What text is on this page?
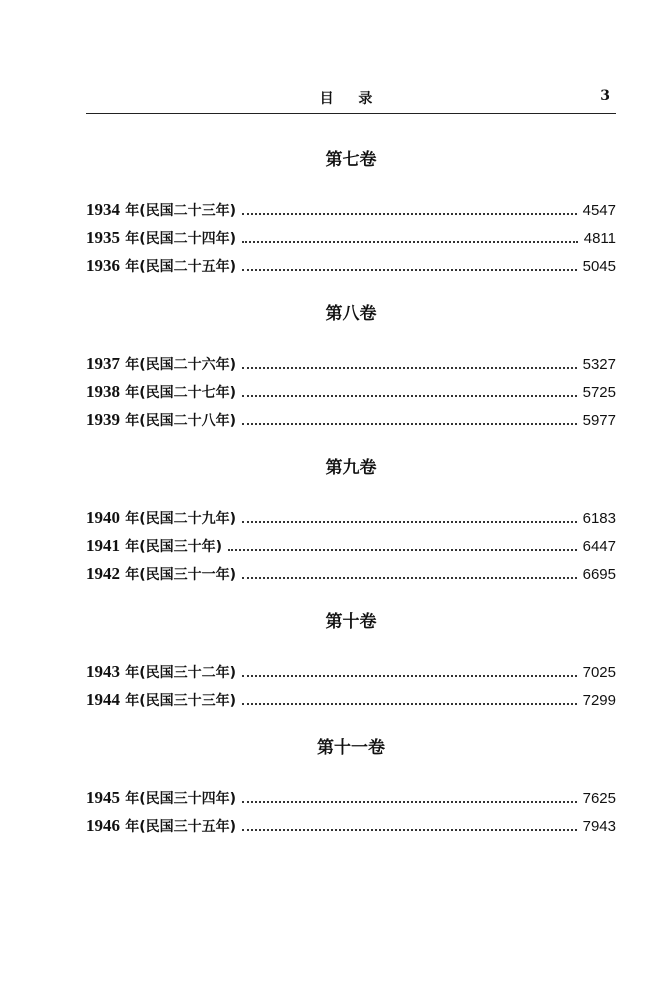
目 录	3
第七卷
1934 年(民国二十三年)	4547
1935 年(民国二十四年)	4811
1936 年(民国二十五年)	5045
第八卷
1937 年(民国二十六年)	5327
1938 年(民国二十七年)	5725
1939 年(民国二十八年)	5977
第九卷
1940 年(民国二十九年)	6183
1941 年(民国三十年)	6447
1942 年(民国三十一年)	6695
第十卷
1943 年(民国三十二年)	7025
1944 年(民国三十三年)	7299
第十一卷
1945 年(民国三十四年)	7625
1946 年(民国三十五年)	7943
